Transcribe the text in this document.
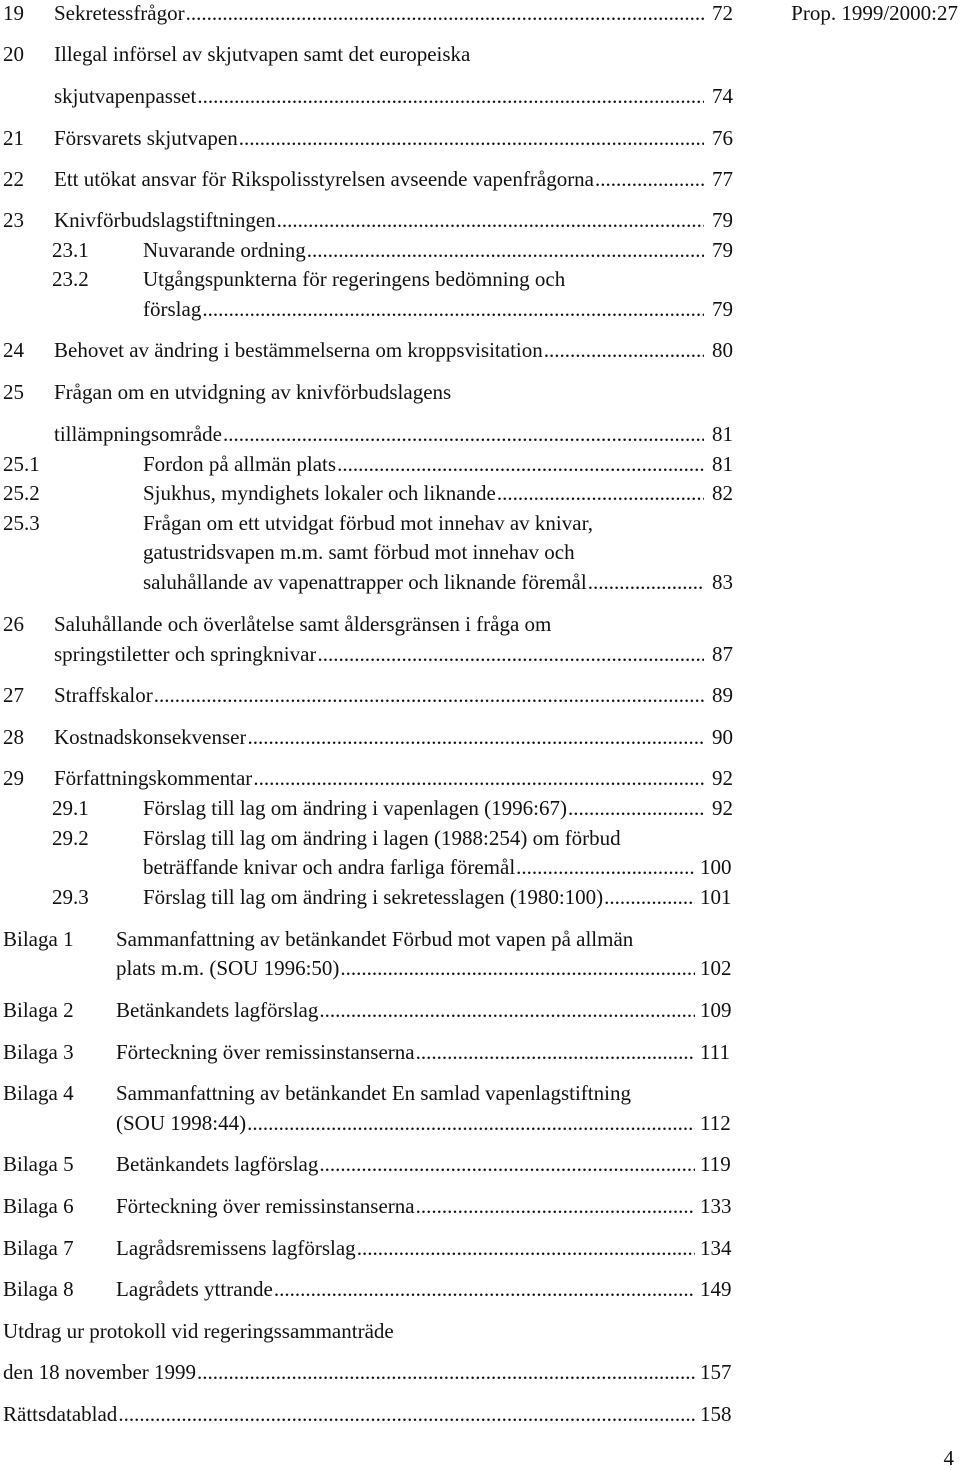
Prop. 1999/2000:27
19 Sekretessfrågor	72
.....
20 Illegal införsel av skjutvapen samt det europeiska
skjutvapenpasset	74
.....
21 Försvarets skjutvapen	76
.....
22 Ett utökat ansvar för Rikspolisstyrelsen avseende vapenfrågorna	77
.....
23 Knivförbudslagstiftningen	79
.....
23.1	Nuvarande ordning	79
.....
23.2	Utgångspunkterna för regeringens bedömning och
förslag	79
.....
24 Behovet av ändring i bestämmelserna om kroppsvisitation	80
.....
25 Frågan om en utvidgning av knivförbudslagens
tillämpningsområde	81
.....
25.1	Fordon på allmän plats	81
.....
25.2	Sjukhus, myndighets lokaler och liknande	82
.....
25.3	Frågan om ett utvidgat förbud mot innehav av knivar,
gatustridsvapen m.m. samt förbud mot innehav och
saluhållande av vapenattrapper och liknande föremål	83
.....
26 Saluhållande och överlåtelse samt åldersgränsen i fråga om
springstiletter och springknivar	87
.....
27 Straffskalor	89
.....
28 Kostnadskonsekvenser	90
.....
29 Författningskommentar	92
.....
29.1	Förslag till lag om ändring i vapenlagen (1996:67)	92
.....
29.2	Förslag till lag om ändring i lagen (1988:254) om förbud
beträffande knivar och andra farliga föremål	100
.....
29.3	Förslag till lag om ändring i sekretesslagen (1980:100)	101
.....
Bilaga 1 Sammanfattning av betänkandet Förbud mot vapen på allmän
plats m.m. (SOU 1996:50)	102
.....
Bilaga 2 Betänkandets lagförslag	109
.....
Bilaga 3 Förteckning över remissinstanserna	111
.....
Bilaga 4 Sammanfattning av betänkandet En samlad vapenlagstiftning
(SOU 1998:44)	112
.....
Bilaga 5 Betänkandets lagförslag	119
.....
Bilaga 6 Förteckning över remissinstanserna	133
.....
Bilaga 7 Lagrådsremissens lagförslag	134
.....
Bilaga 8 Lagrådets yttrande	149
.....
Utdrag ur protokoll vid regeringssammanträde
den 18 november 1999	157
.....
Rättsdatablad	158
.....
4
